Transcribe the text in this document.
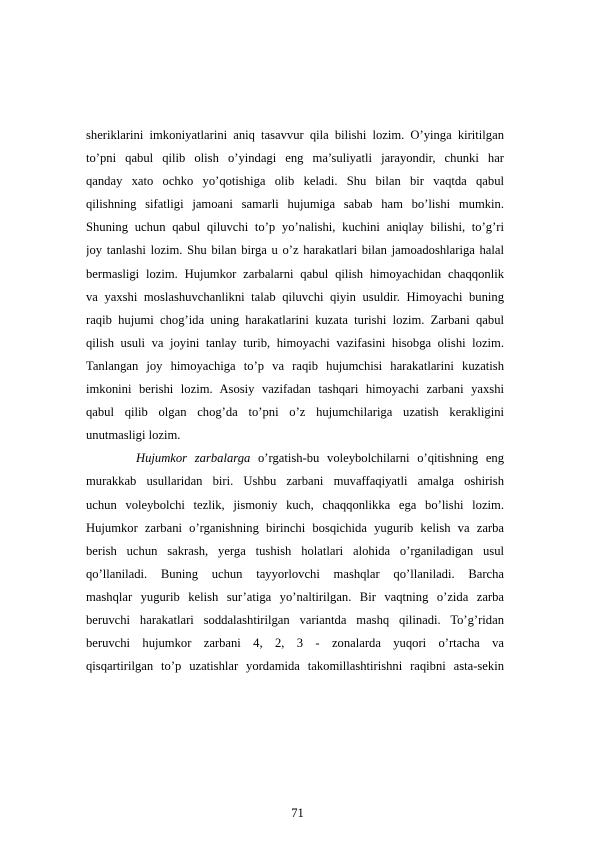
sheriklarini imkoniyatlarini aniq tasavvur qila bilishi lozim. O’yinga kiritilgan
to’pni qabul qilib olish o’yindagi eng ma’suliyatli jarayondir, chunki har
qanday xato ochko yo’qotishiga olib keladi. Shu bilan bir vaqtda qabul
qilishning sifatligi jamoani samarli hujumiga sabab ham bo’lishi mumkin.
Shuning uchun qabul qiluvchi to’p yo’nalishi, kuchini aniqlay bilishi, to’g’ri
joy tanlashi lozim. Shu bilan birga u o’z harakatlari bilan jamoadoshlariga halal
bermasligi lozim. Hujumkor zarbalarni qabul qilish himoyachidan chaqqonlik
va yaxshi moslashuvchanlikni talab qiluvchi qiyin usuldir. Himoyachi buning
raqib hujumi chog’ida uning harakatlarini kuzata turishi lozim. Zarbani qabul
qilish usuli va joyini tanlay turib, himoyachi vazifasini hisobga olishi lozim.
Tanlangan joy himoyachiga to’p va raqib hujumchisi harakatlarini kuzatish
imkonini berishi lozim. Asosiy vazifadan tashqari himoyachi zarbani yaxshi
qabul qilib olgan chog’da to’pni o’z hujumchilariga uzatish kerakligini
unutmasligi lozim.
Hujumkor zarbalarga o’rgatish-bu voleybolchilarni o’qitishning eng
murakkab usullaridan biri. Ushbu zarbani muvaffaqiyatli amalga oshirish
uchun voleybolchi tezlik, jismoniy kuch, chaqqonlikka ega bo’lishi lozim.
Hujumkor zarbani o’rganishning birinchi bosqichida yugurib kelish va zarba
berish uchun sakrash, yerga tushish holatlari alohida o’rganiladigan usul
qo’llaniladi. Buning uchun tayyorlovchi mashqlar qo’llaniladi. Barcha
mashqlar yugurib kelish sur’atiga yo’naltirilgan. Bir vaqtning o’zida zarba
beruvchi harakatlari soddalashtirilgan variantda mashq qilinadi. To’g’ridan
beruvchi hujumkor zarbani 4, 2, 3 - zonalarda yuqori o’rtacha va
qisqartirilgan to’p uzatishlar yordamida takomillashtirishni raqibni asta-sekin
71
